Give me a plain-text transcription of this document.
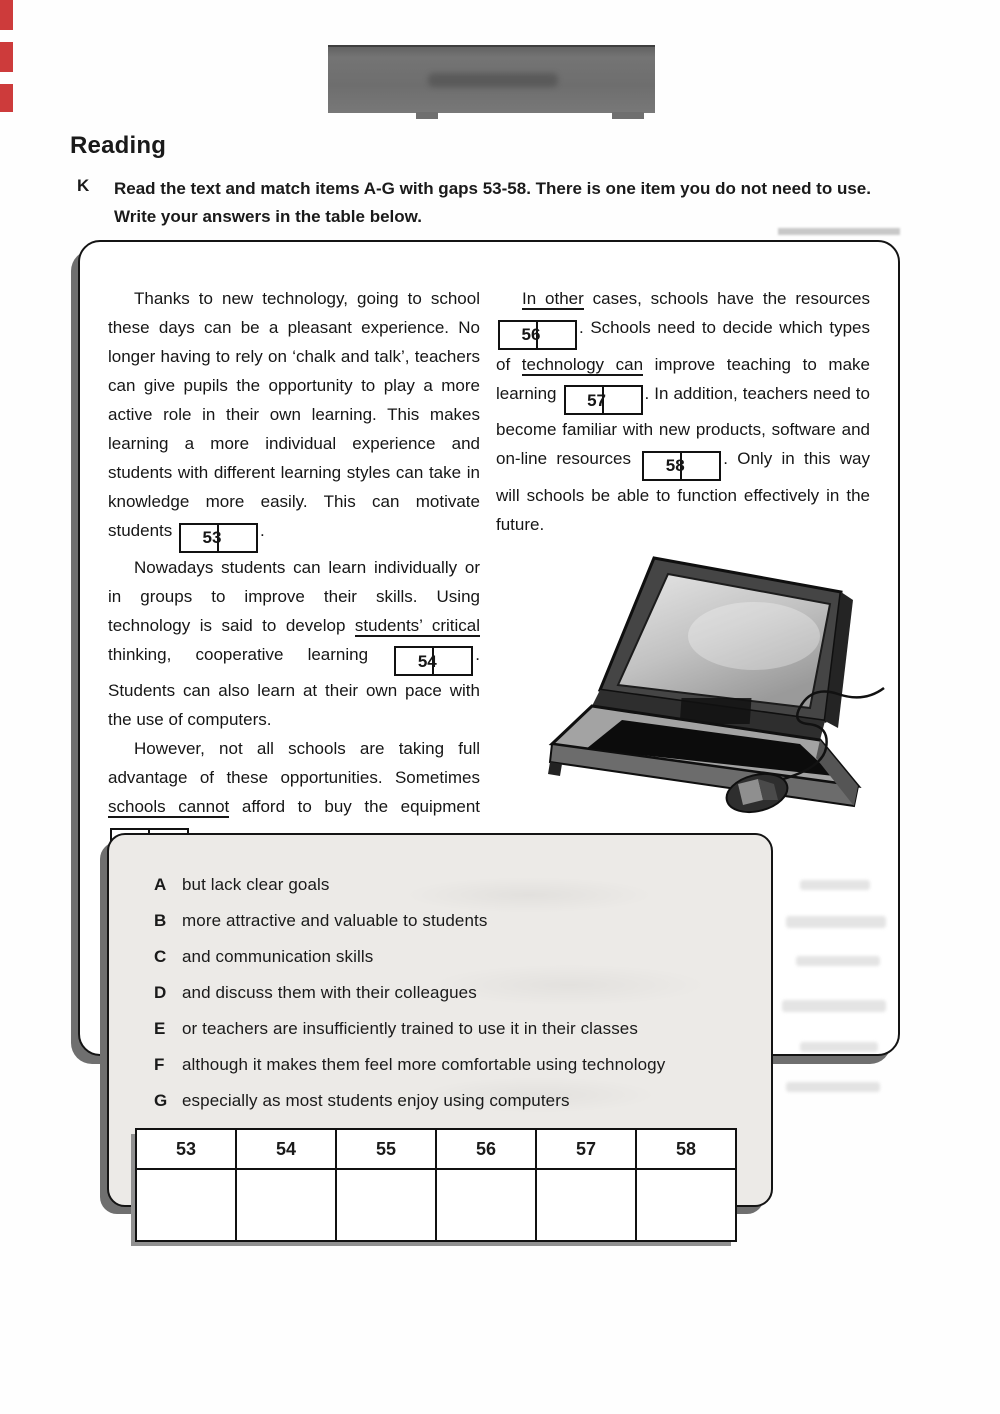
Reading
K Read the text and match items A-G with gaps 53-58. There is one item you do not need to use.
Write your answers in the table below.

Thanks to new technology, going to school these days can be a pleasant experience. No longer having to rely on ‘chalk and talk’, teachers can give pupils the opportunity to play a more active role in their own learning. This makes learning a more individual experience and students with different learning styles can take in knowledge more easily. This can motivate students	53 .

Nowadays students can learn individually or in groups to improve their skills. Using technology is said to develop students’ critical thinking, cooperative learning	54 . Students can also learn at their own pace with the use of computers.

However, not all schools are taking full advantage of these opportunities. Sometimes schools cannot afford to buy the equipment

In other cases, schools have the resources
56 . Schools need to decide which types of technology can improve teaching to make learning	57 . In addition, teachers need to become familiar with new products, software and on-line resources	58 . Only in this way will schools be able to function effectively in the future.

A but lack clear goals
B more attractive and valuable to students
C and communication skills
D and discuss them with their colleagues
E or teachers are insufficiently trained to use it in their classes
F	although it makes them feel more comfortable using technology
G especially as most students enjoy using computers
53	54	55	56	57	58
